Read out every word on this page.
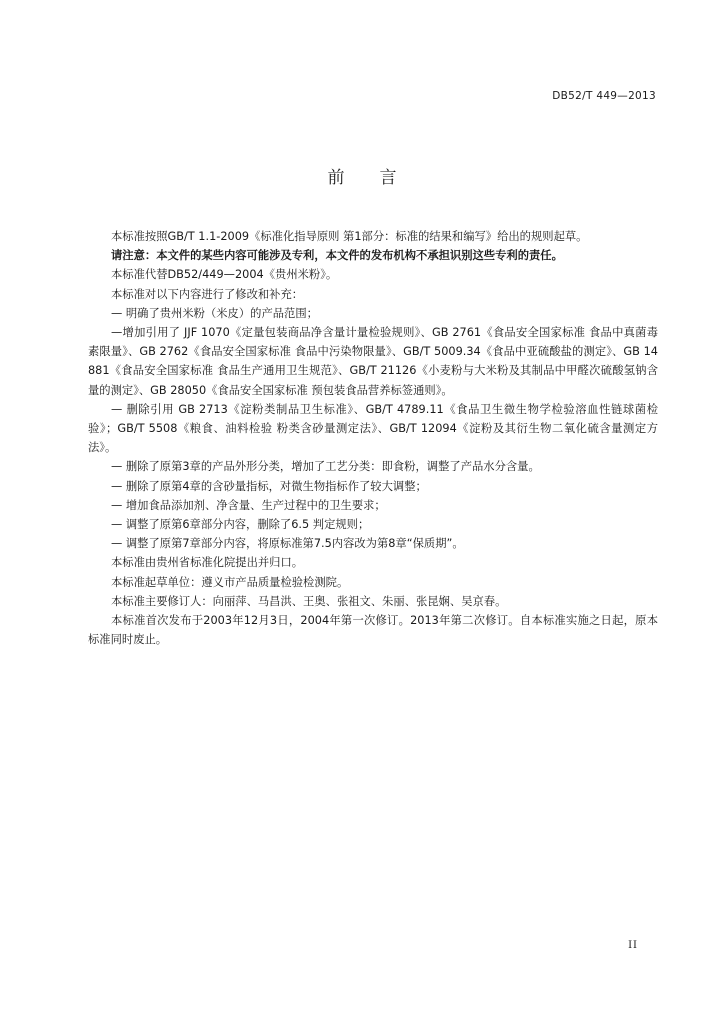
DB52/T 449—2013
前言

本标准按照GB/T 1.1-2009《标准化指导原则 第1部分：标准的结果和编写》给出的规则起草。

请注意：本文件的某些内容可能涉及专利，本文件的发布机构不承担识别这些专利的责任。

本标准代替DB52/449—2004《贵州米粉》。

本标准对以下内容进行了修改和补充：

— 明确了贵州米粉（米皮）的产品范围；

—增加引用了 JJF 1070《定量包装商品净含量计量检验规则》、GB 2761《食品安全国家标准 食品中真菌毒素限量》、GB 2762《食品安全国家标准 食品中污染物限量》、GB/T 5009.34《食品中亚硫酸盐的测定》、GB 14881《食品安全国家标准 食品生产通用卫生规范》、GB/T 21126《小麦粉与大米粉及其制品中甲醛次硫酸氢钠含量的测定》、GB 28050《食品安全国家标准 预包装食品营养标签通则》。

— 删除引用 GB 2713《淀粉类制品卫生标准》、GB/T 4789.11《食品卫生微生物学检验溶血性链球菌检验》；GB/T 5508《粮食、油料检验 粉类含砂量测定法》、GB/T 12094《淀粉及其衍生物二氧化硫含量测定方法》。

— 删除了原第3章的产品外形分类，增加了工艺分类：即食粉，调整了产品水分含量。

— 删除了原第4章的含砂量指标，对微生物指标作了较大调整；

— 增加食品添加剂、净含量、生产过程中的卫生要求；

— 调整了原第6章部分内容，删除了6.5 判定规则；

— 调整了原第7章部分内容，将原标准第7.5内容改为第8章“保质期”。

本标准由贵州省标准化院提出并归口。

本标准起草单位：遵义市产品质量检验检测院。

本标准主要修订人：向丽萍、马昌洪、王奥、张祖文、朱丽、张昆娴、吴京春。

本标准首次发布于2003年12月3日，2004年第一次修订。2013年第二次修订。自本标准实施之日起，原本标准同时废止。

II
